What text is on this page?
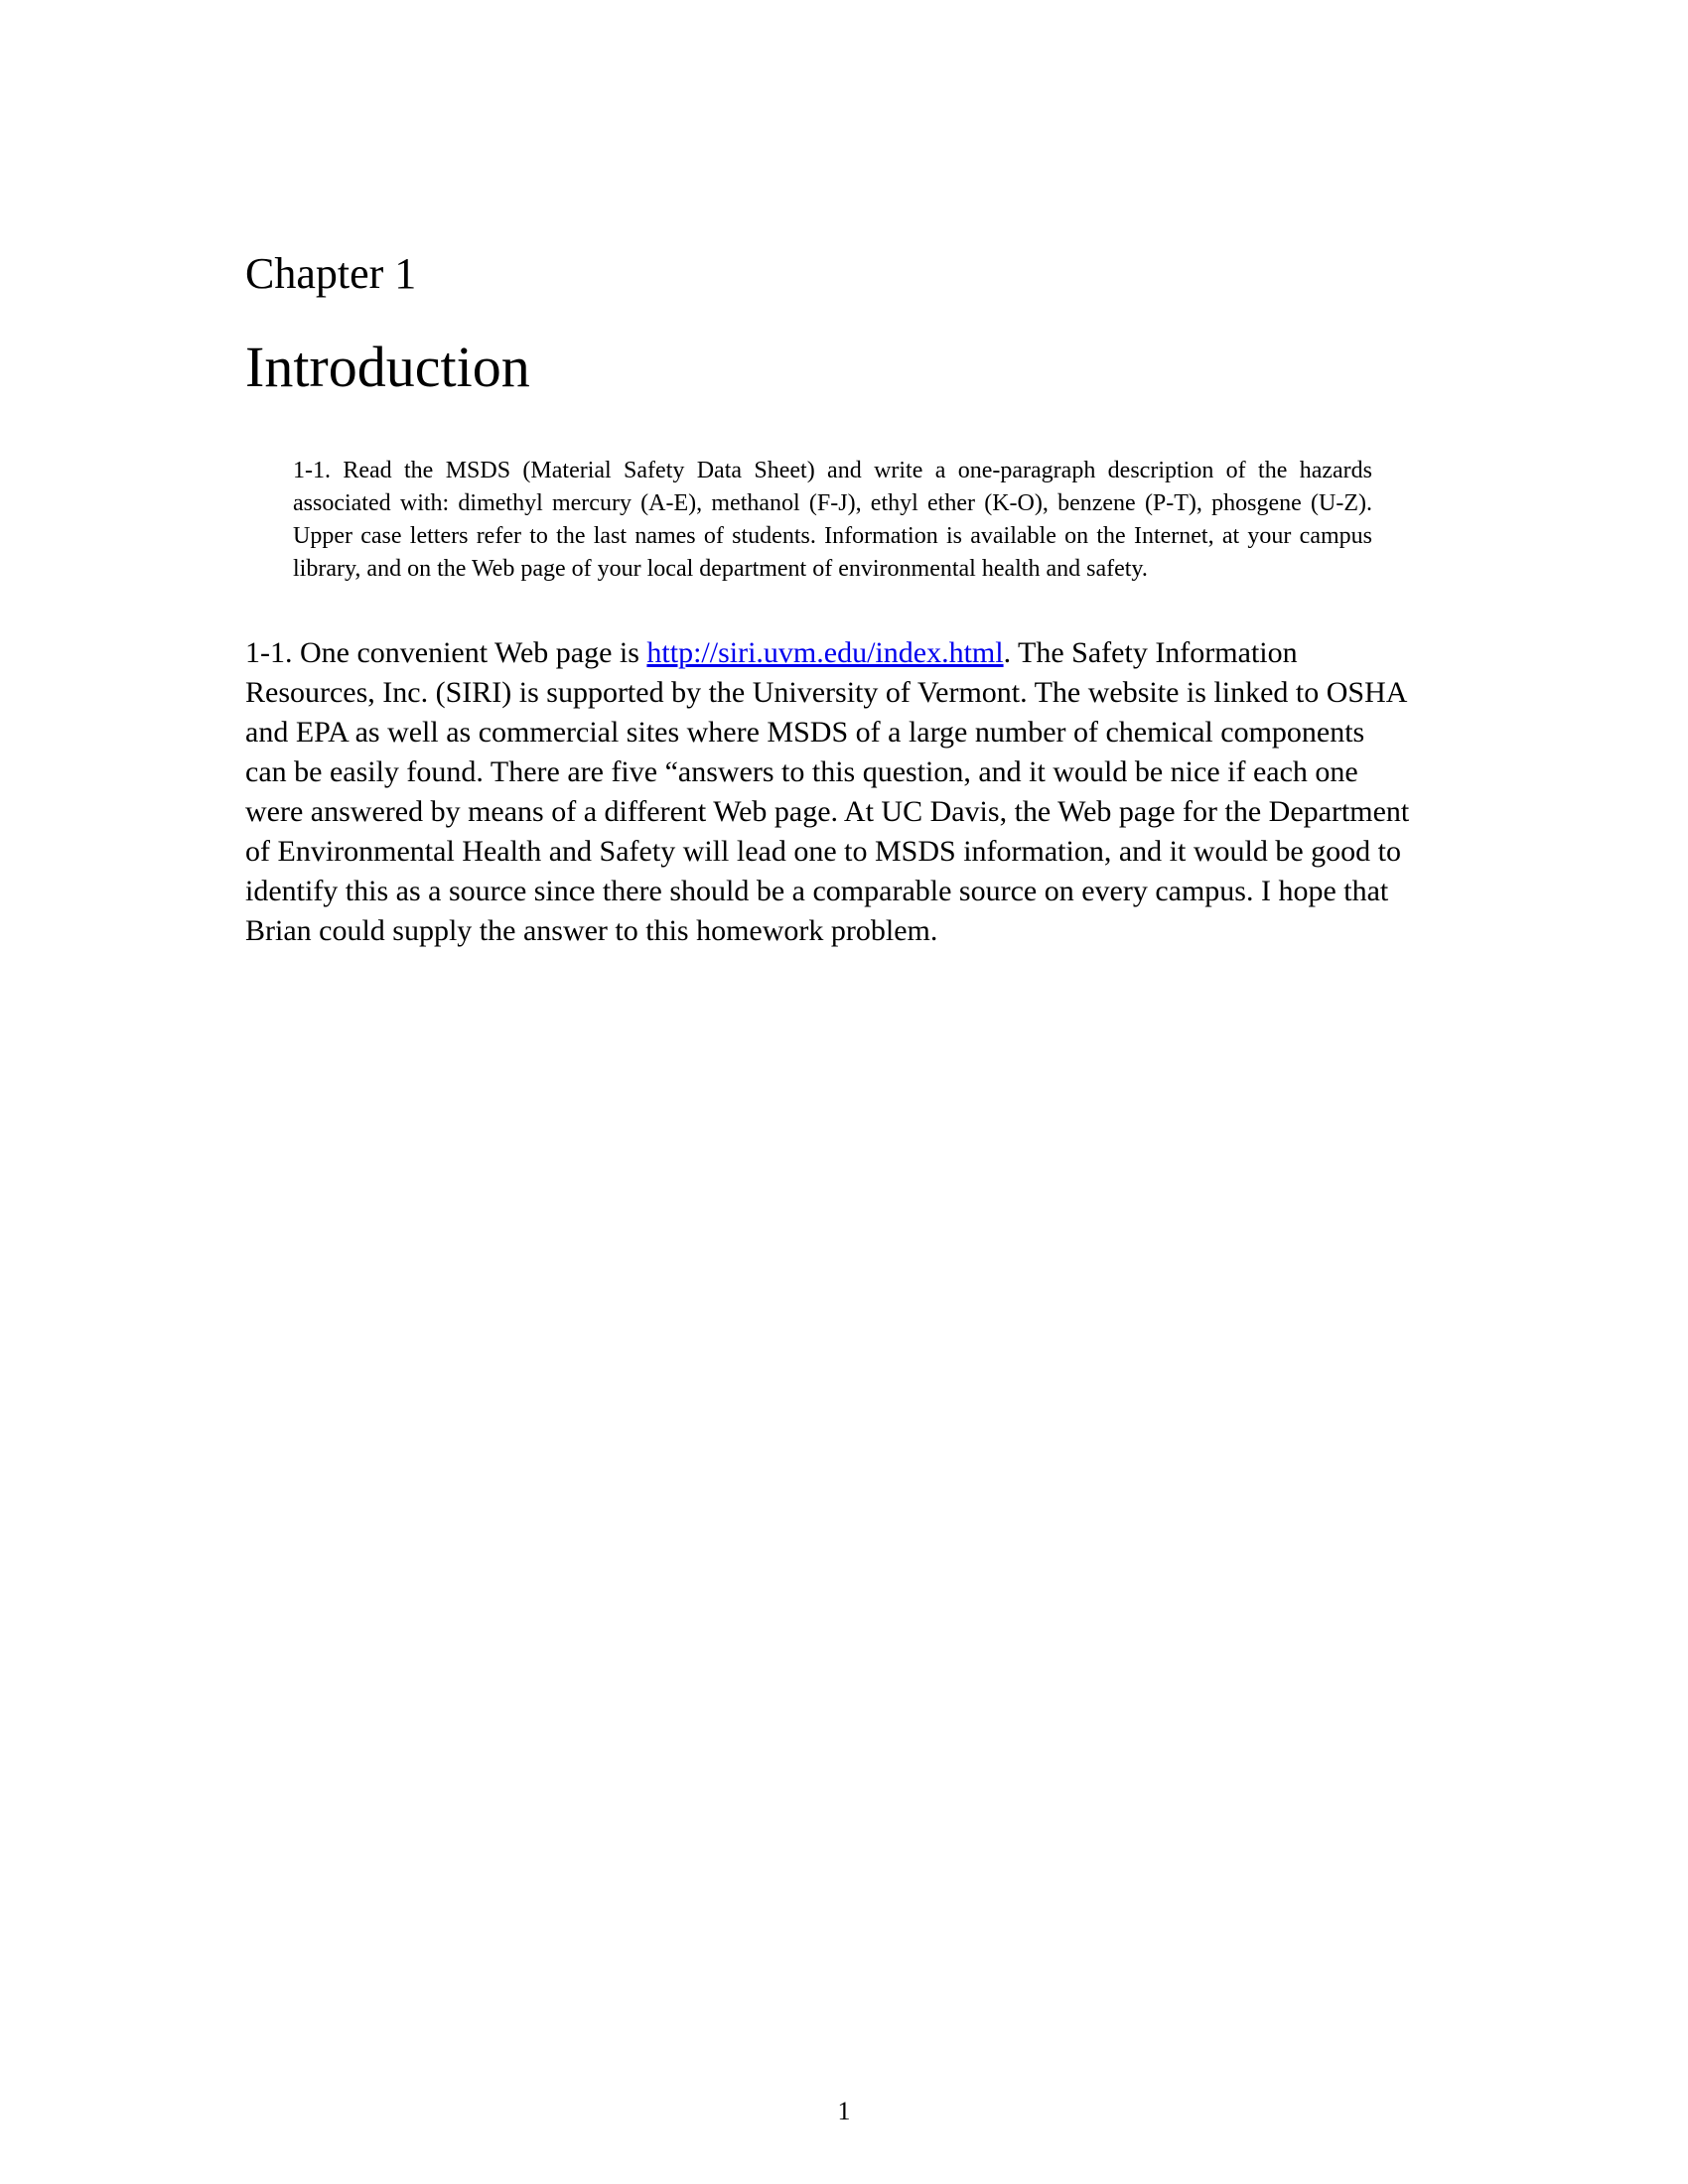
Chapter 1
Introduction

1-1. Read the MSDS (Material Safety Data Sheet) and write a one-paragraph description of the hazards associated with: dimethyl mercury (A-E), methanol (F-J), ethyl ether (K-O), benzene (P-T), phosgene (U-Z). Upper case letters refer to the last names of students. Information is available on the Internet, at your campus library, and on the Web page of your local department of environmental health and safety.

1-1. One convenient Web page is http://siri.uvm.edu/index.html. The Safety Information Resources, Inc. (SIRI) is supported by the University of Vermont. The website is linked to OSHA and EPA as well as commercial sites where MSDS of a large number of chemical components can be easily found. There are five “answers to this question, and it would be nice if each one were answered by means of a different Web page. At UC Davis, the Web page for the Department of Environmental Health and Safety will lead one to MSDS information, and it would be good to identify this as a source since there should be a comparable source on every campus. I hope that Brian could supply the answer to this homework problem.

1
